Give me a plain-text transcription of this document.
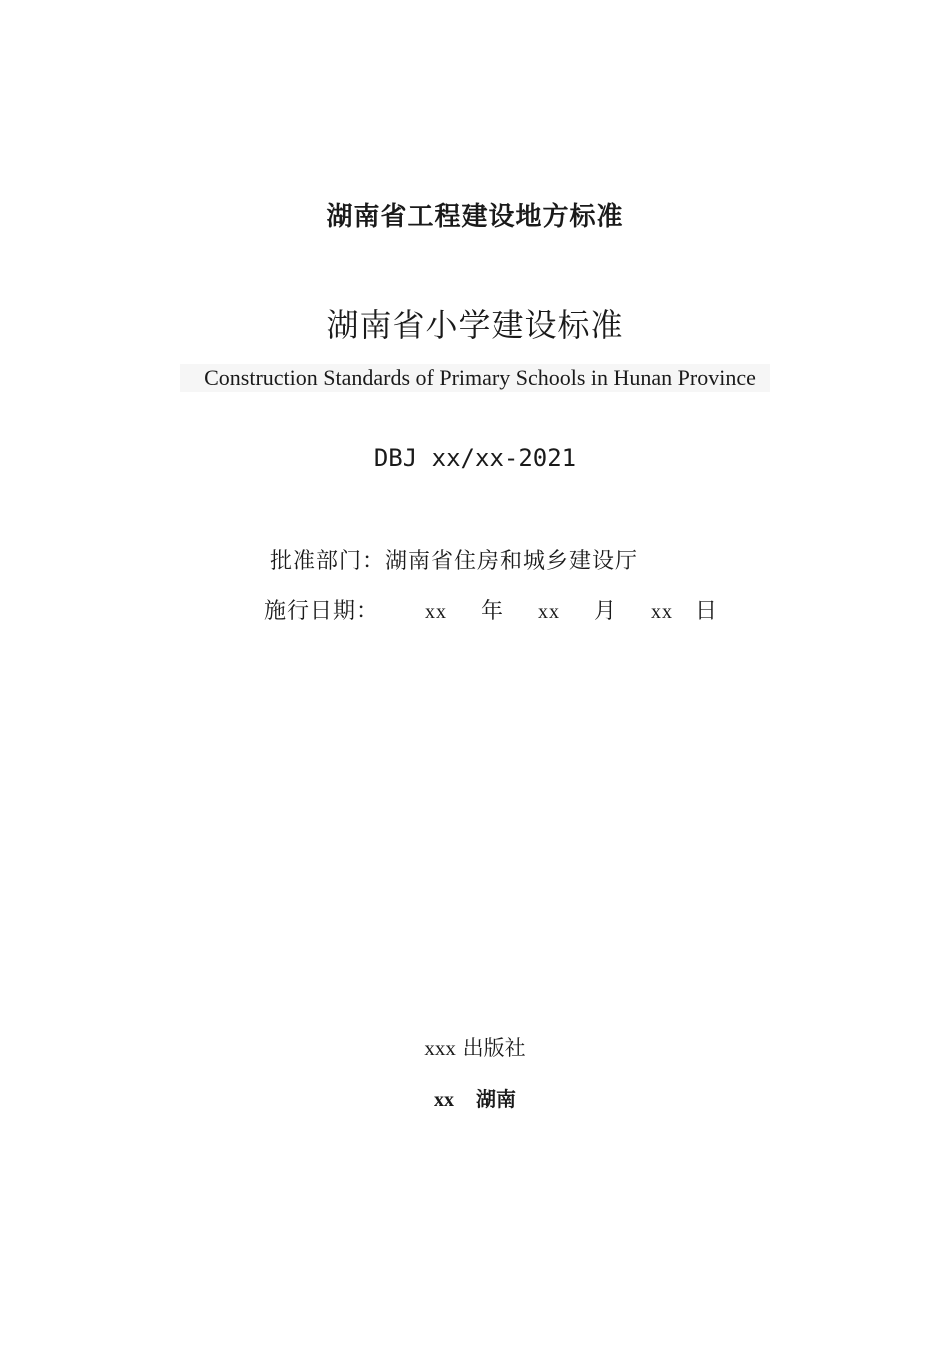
湖南省工程建设地方标准
湖南省小学建设标准
Construction Standards of Primary Schools in Hunan Province
DBJ xx/xx-2021
批准部门：湖南省住房和城乡建设厅
施行日期： xx 年 xx 月 xx 日
xxx 出版社
xx 湖南
